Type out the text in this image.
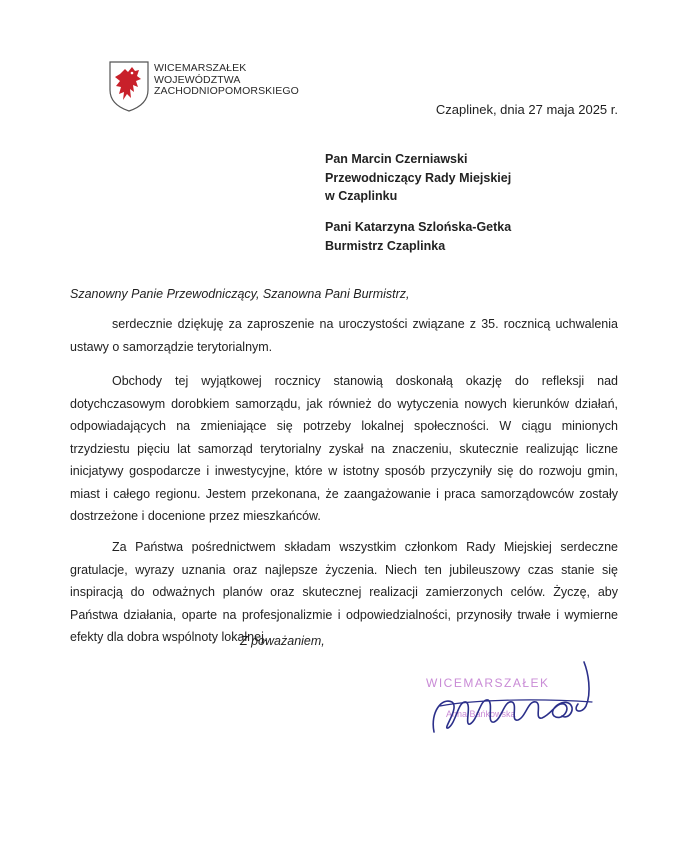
WICEMARSZAŁEK
WOJEWÓDZTWA
ZACHODNIOPOMORSKIEGO
Czaplinek, dnia 27 maja 2025 r.
Pan Marcin Czerniawski
Przewodniczący Rady Miejskiej
w Czaplinku
Pani Katarzyna Szlońska-Getka
Burmistrz Czaplinka
Szanowny Panie Przewodniczący, Szanowna Pani Burmistrz,

serdecznie dziękuję za zaproszenie na uroczystości związane z 35. rocznicą uchwalenia ustawy o samorządzie terytorialnym.

Obchody tej wyjątkowej rocznicy stanowią doskonałą okazję do refleksji nad dotychczasowym dorobkiem samorządu, jak również do wytyczenia nowych kierunków działań, odpowiadających na zmieniające się potrzeby lokalnej społeczności. W ciągu minionych trzydziestu pięciu lat samorząd terytorialny zyskał na znaczeniu, skutecznie realizując liczne inicjatywy gospodarcze i inwestycyjne, które w istotny sposób przyczyniły się do rozwoju gmin, miast i całego regionu. Jestem przekonana, że zaangażowanie i praca samorządowców zostały dostrzeżone i docenione przez mieszkańców.

Za Państwa pośrednictwem składam wszystkim członkom Rady Miejskiej serdeczne gratulacje, wyrazy uznania oraz najlepsze życzenia. Niech ten jubileuszowy czas stanie się inspiracją do odważnych planów oraz skutecznej realizacji zamierzonych celów. Życzę, aby Państwa działania, oparte na profesjonalizmie i odpowiedzialności, przynosiły trwałe i wymierne efekty dla dobra wspólnoty lokalnej.

Z poważaniem,
WICEMARSZAŁEK
Anna Bańkowska
